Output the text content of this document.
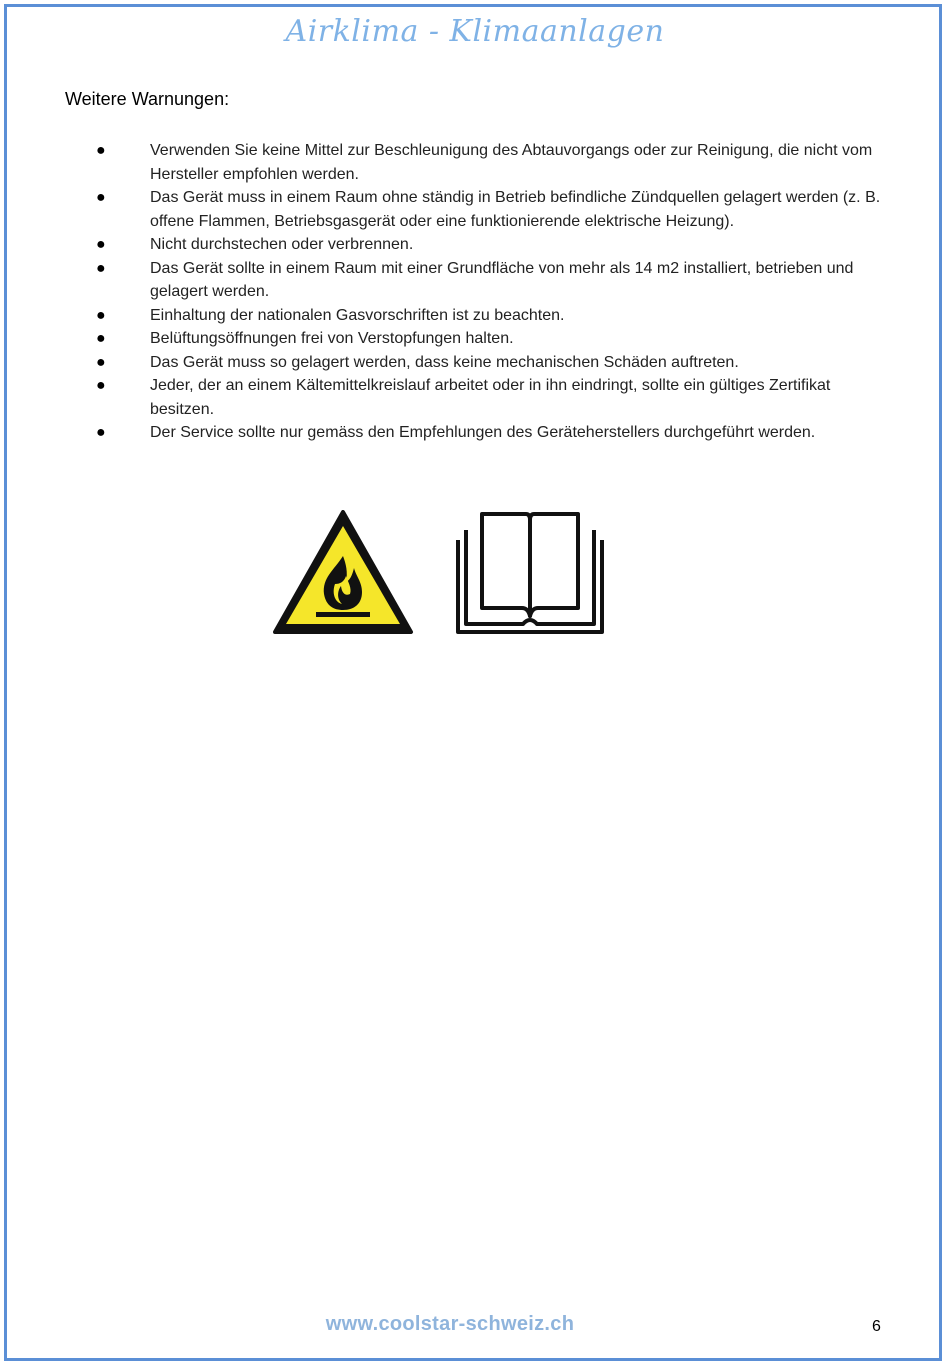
Airklima - Klimaanlagen
Weitere Warnungen:
●	Verwenden Sie keine Mittel zur Beschleunigung des Abtauvorgangs oder zur Reinigung, die nicht vom Hersteller empfohlen werden.
●	Das Gerät muss in einem Raum ohne ständig in Betrieb befindliche Zündquellen gelagert werden (z. B. offene Flammen, Betriebsgasgerät oder eine funktionierende elektrische Heizung).
●	Nicht durchstechen oder verbrennen.
●	Das Gerät sollte in einem Raum mit einer Grundfläche von mehr als 14 m2 installiert, betrieben und gelagert werden.
●	Einhaltung der nationalen Gasvorschriften ist zu beachten.
●	Belüftungsöffnungen frei von Verstopfungen halten.
●	Das Gerät muss so gelagert werden, dass keine mechanischen Schäden auftreten.
●	Jeder, der an einem Kältemittelkreislauf arbeitet oder in ihn eindringt, sollte ein gültiges Zertifikat besitzen.
●	Der Service sollte nur gemäss den Empfehlungen des Geräteherstellers durchgeführt werden.
www.coolstar-schweiz.ch	6
